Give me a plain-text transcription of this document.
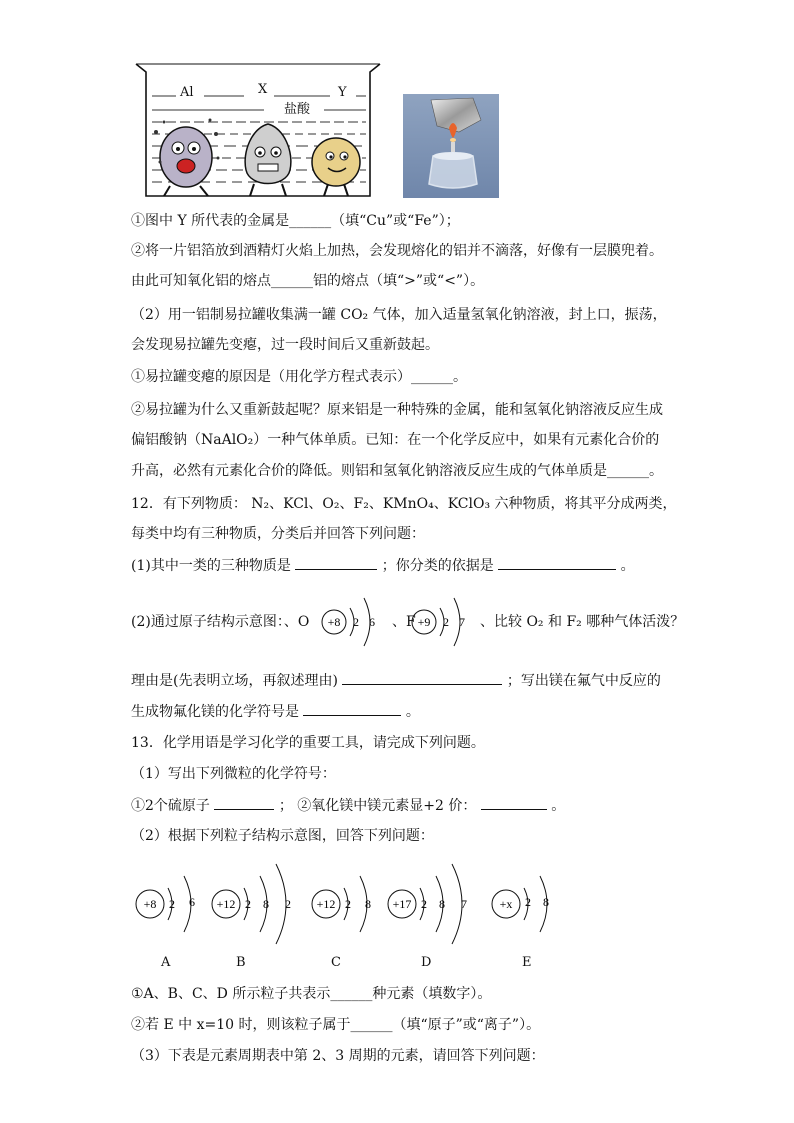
Al	X	Y
盐酸
①图中 Y 所代表的金属是______（填“Cu”或“Fe”）；
②将一片铝箔放到酒精灯火焰上加热，会发现熔化的铝并不滴落，好像有一层膜兜着。
由此可知氧化铝的熔点______铝的熔点（填“>”或“<”）。
（2）用一铝制易拉罐收集满一罐 CO₂ 气体，加入适量氢氧化钠溶液，封上口，振荡，
会发现易拉罐先变瘪，过一段时间后又重新鼓起。
①易拉罐变瘪的原因是（用化学方程式表示）______。
②易拉罐为什么又重新鼓起呢？原来铝是一种特殊的金属，能和氢氧化钠溶液反应生成
偏铝酸钠（NaAlO₂）一种气体单质。已知：在一个化学反应中，如果有元素化合价的
升高，必然有元素化合价的降低。则铝和氢氧化钠溶液反应生成的气体单质是______。
12．有下列物质： N₂、KCl、O₂、F₂、KMnO₄、KClO₃ 六种物质，将其平分成两类，
每类中均有三种物质，分类后并回答下列问题：
(1)其中一类的三种物质是	；你分类的依据是	。
(2)通过原子结构示意图：、O +8 2 6 、F +9 2 7 、比较 O₂ 和 F₂ 哪种气体活泼？
理由是(先表明立场，再叙述理由)	；写出镁在氟气中反应的
生成物氟化镁的化学符号是	。
13．化学用语是学习化学的重要工具，请完成下列问题。
（1）写出下列微粒的化学符号：
①2个硫原子	； ②氧化镁中镁元素显+2 价：	。
（2）根据下列粒子结构示意图，回答下列问题：
+8 2 6 +12 2 8 2 +12 2 8 +17 2 8 7	+x 2 8
A	B	C	D	E
①A、B、C、D 所示粒子共表示______种元素（填数字）。
②若 E 中 x=10 时，则该粒子属于______（填“原子”或“离子”）。
（3）下表是元素周期表中第 2、3 周期的元素，请回答下列问题：
